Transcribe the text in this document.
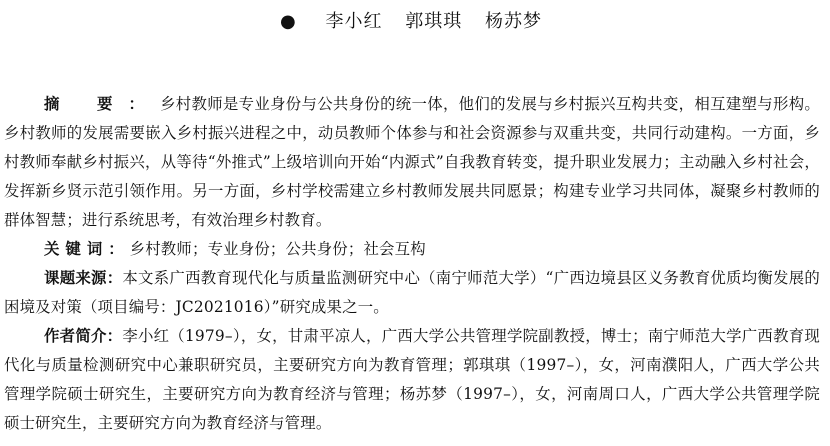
● 李小红 郭琪琪 杨苏梦

摘 要：乡村教师是专业身份与公共身份的统一体，他们的发展与乡村振兴互构共变，相互建塑与形构。乡村教师的发展需要嵌入乡村振兴进程之中，动员教师个体参与和社会资源参与双重共变，共同行动建构。一方面，乡村教师奉献乡村振兴，从等待“外推式”上级培训向开始“内源式”自我教育转变，提升职业发展力；主动融入乡村社会，发挥新乡贤示范引领作用。另一方面，乡村学校需建立乡村教师发展共同愿景；构建专业学习共同体，凝聚乡村教师的群体智慧；进行系统思考，有效治理乡村教育。

关键词：乡村教师；专业身份；公共身份；社会互构

课题来源：本文系广西教育现代化与质量监测研究中心（南宁师范大学）“广西边境县区义务教育优质均衡发展的困境及对策（项目编号：JC2021016）”研究成果之一。

作者简介：李小红（1979–），女，甘肃平凉人，广西大学公共管理学院副教授，博士；南宁师范大学广西教育现代化与质量检测研究中心兼职研究员，主要研究方向为教育管理；郭琪琪（1997–），女，河南濮阳人，广西大学公共管理学院硕士研究生，主要研究方向为教育经济与管理；杨苏梦（1997–），女，河南周口人，广西大学公共管理学院硕士研究生，主要研究方向为教育经济与管理。
